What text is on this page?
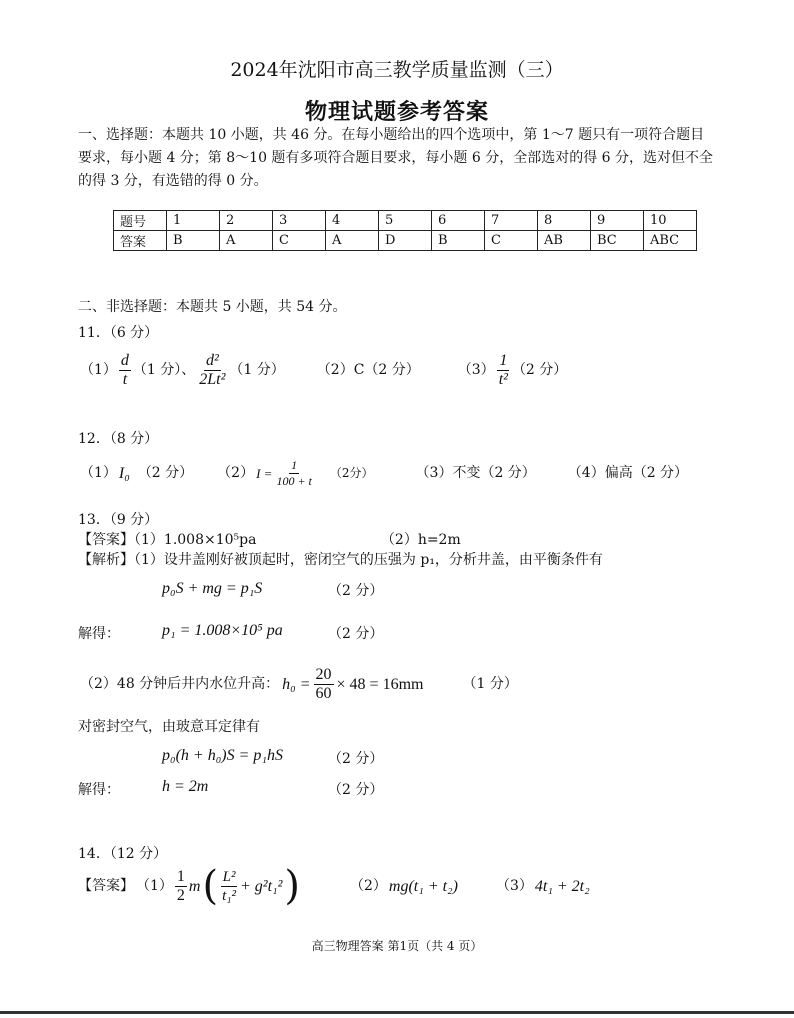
2024年沈阳市高三教学质量监测（三）
物理试题参考答案
一、选择题：本题共 10 小题，共 46 分。在每小题给出的四个选项中，第 1～7 题只有一项符合题目要求，每小题 4 分；第 8～10 题有多项符合题目要求，每小题 6 分，全部选对的得 6 分，选对但不全的得 3 分，有选错的得 0 分。
题号	1	2	3	4	5	6	7	8	9	10
答案	B	A	C	A	D	B	C	AB	BC	ABC
二、非选择题：本题共 5 小题，共 54 分。
11．（6 分）
$(1) \frac{d}{t} (1$ 分）、 $\frac{\text{d²}}{\text{2Lt²}} (1$ 分） （2）C（2 分）	$(3) \frac{1}{\text{t²}} (2$ 分）
12．（8 分）
（1） I₀ （2 分） （2） $I = \frac{1}{100 + t} (2$分）	（3）不变（2 分） （4）偏高（2 分）
13．（9 分）
【答案】（1）1.008×10⁵pa	（2）h=2m
【解析】（1）设井盖刚好被顶起时，密闭空气的压强为 p₁，分析井盖，由平衡条件有
p₀S + mg = p₁S	（2 分）
解得：	p₁ = 1.008×10⁵ pa	（2 分）
（2）48 分钟后井内水位升高： $h_0 = \frac{20}{60} \times 48 = 16mm$	（1 分）
对密封空气，由玻意耳定律有
p₀(h + h₀)S = p₁hS	（2 分）
解得：	h = 2m	（2 分）
14．（12 分）
【答案】 $(1) \frac{1}{2}$ m ( $\frac{\text{L²}}{\text{t₁²}} + g^2t_1^2$ )	（2） mg(t₁ + t₂)	（3） 4t₁ + 2t₂
高三物理答案 第1页（共 4 页）
